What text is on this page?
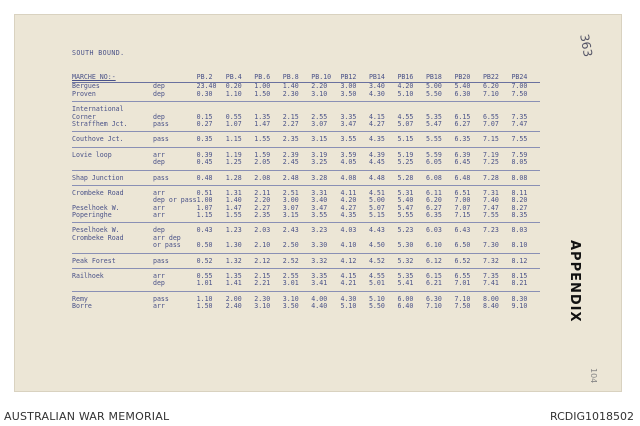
SOUTH BOUND.
MARCHE NO:-		PB.2	PB.4	PB.6	PB.8	PB.10	PB12	PB14	PB16	PB18	PB20	PB22	PB24
Bergues	dep	23.40	0.20	1.00	1.40	2.20	3.00	3.40	4.20	5.00	5.40	6.20	7.00
Proven	dep	0.30	1.10	1.50	2.30	3.10	3.50	4.30	5.10	5.50	6.30	7.10	7.50
International													
Corner	dep	0.15	0.55	1.35	2.15	2.55	3.35	4.15	4.55	5.35	6.15	6.55	7.35
Straffhem Jct.	pass	0.27	1.07	1.47	2.27	3.07	3.47	4.27	5.07	5.47	6.27	7.07	7.47
Couthove Jct.	pass	0.35	1.15	1.55	2.35	3.15	3.55	4.35	5.15	5.55	6.35	7.15	7.55
Lovie loop	arr	0.39	1.19	1.59	2.39	3.19	3.59	4.39	5.19	5.59	6.39	7.19	7.59
	dep	0.45	1.25	2.05	2.45	3.25	4.05	4.45	5.25	6.05	6.45	7.25	8.05
Shap Junction	pass	0.48	1.28	2.08	2.48	3.28	4.08	4.48	5.28	6.08	6.48	7.28	8.08
Crombeke Road	arr	0.51	1.31	2.11	2.51	3.31	4.11	4.51	5.31	6.11	6.51	7.31	8.11
	dep or pass	1.00	1.40	2.20	3.00	3.40	4.20	5.00	5.40	6.20	7.00	7.40	8.20
Peselhoek W.	arr	1.07	1.47	2.27	3.07	3.47	4.27	5.07	5.47	6.27	7.07	7.47	8.27
Poperinghe	arr	1.15	1.55	2.35	3.15	3.55	4.35	5.15	5.55	6.35	7.15	7.55	8.35
Peselhoek W.	dep	0.43	1.23	2.03	2.43	3.23	4.03	4.43	5.23	6.03	6.43	7.23	8.03
Crombeke Road	arr dep												
	or pass	0.50	1.30	2.10	2.50	3.30	4.10	4.50	5.30	6.10	6.50	7.30	8.10
Peak Forest	pass	0.52	1.32	2.12	2.52	3.32	4.12	4.52	5.32	6.12	6.52	7.32	8.12
Railhoek	arr	0.55	1.35	2.15	2.55	3.35	4.15	4.55	5.35	6.15	6.55	7.35	8.15
	dep	1.01	1.41	2.21	3.01	3.41	4.21	5.01	5.41	6.21	7.01	7.41	8.21
Remy	pass	1.10	2.00	2.30	3.10	4.00	4.30	5.10	6.00	6.30	7.10	8.00	8.30
Borre	arr	1.50	2.40	3.10	3.50	4.40	5.10	5.50	6.40	7.10	7.50	8.40	9.10
363
APPENDIX
104
AUSTRALIAN WAR MEMORIAL	RCDIG1018502
